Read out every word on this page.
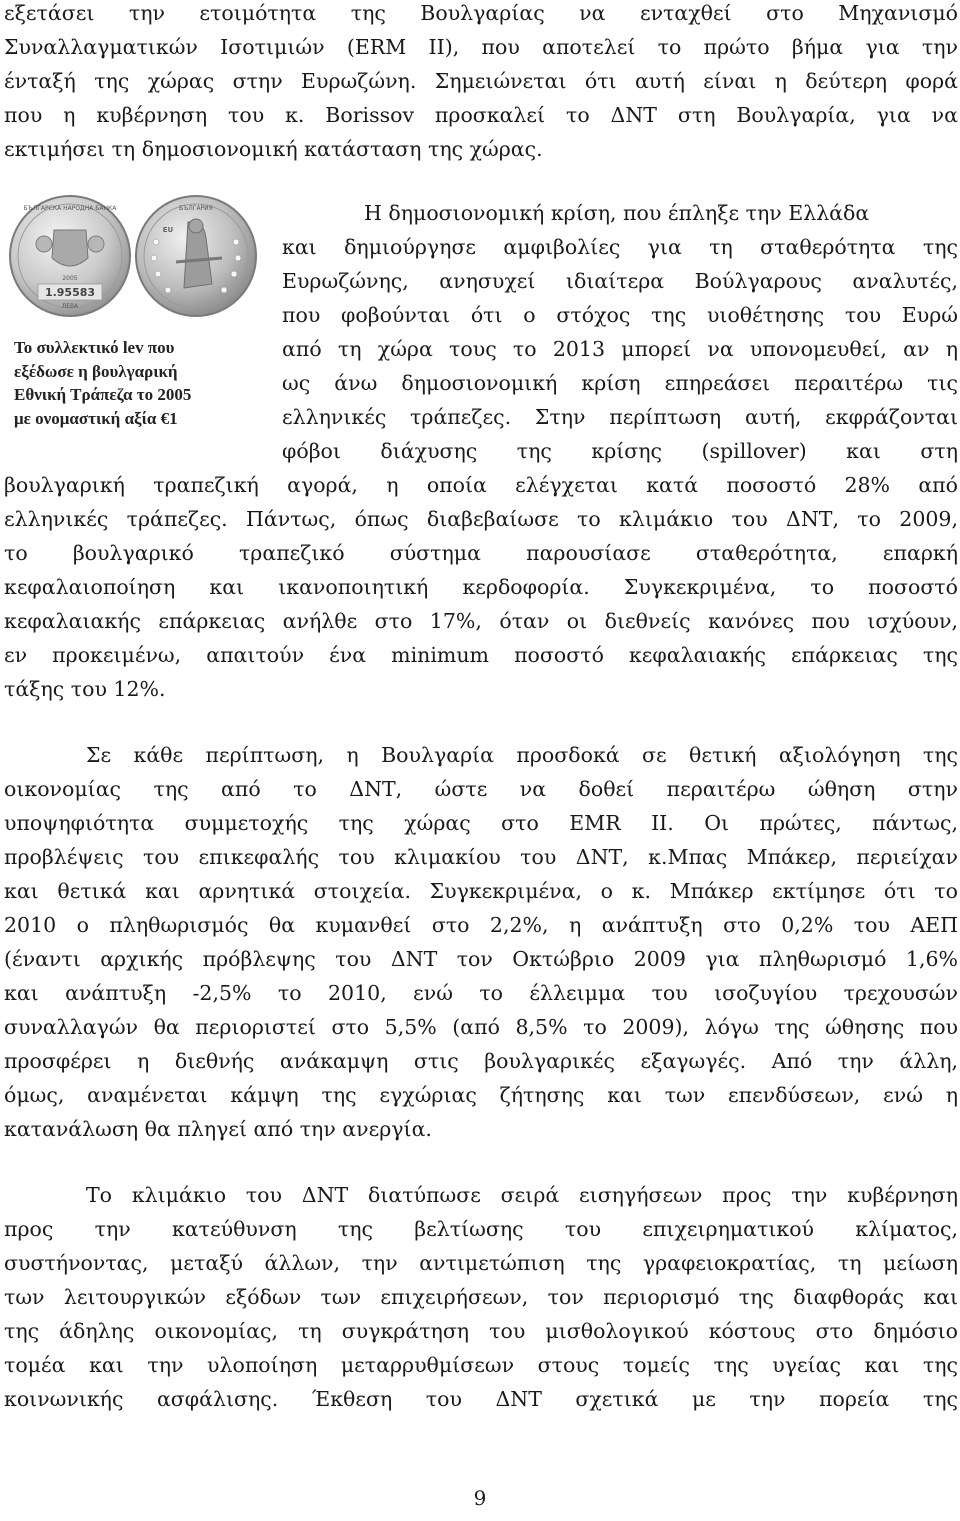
εξετάσει την ετοιμότητα της Βουλγαρίας να ενταχθεί στο Μηχανισμό
Συναλλαγματικών Ισοτιμιών (ERM II), που αποτελεί το πρώτο βήμα για την
ένταξή της χώρας στην Ευρωζώνη. Σημειώνεται ότι αυτή είναι η δεύτερη φορά
που η κυβέρνηση του κ. Borissov προσκαλεί το ΔΝΤ στη Βουλγαρία, για να
εκτιμήσει τη δημοσιονομική κατάσταση της χώρας.
2005
1.95583
ЛЕВА
БЪЛГАРСКА НАРОДНА БАНКА	БЪЛГАРИЯ
EU
Το συλλεκτικό lev που
εξέδωσε η βουλγαρική
Εθνική Τράπεζα το 2005
με ονομαστική αξία €1
Η δημοσιονομική κρίση, που έπληξε την Ελλάδα
και δημιούργησε αμφιβολίες για τη σταθερότητα της
Ευρωζώνης, ανησυχεί ιδιαίτερα Βούλγαρους αναλυτές,
που φοβούνται ότι ο στόχος της υιοθέτησης του Ευρώ
από τη χώρα τους το 2013 μπορεί να υπονομευθεί, αν η
ως άνω δημοσιονομική κρίση επηρεάσει περαιτέρω τις
ελληνικές τράπεζες. Στην περίπτωση αυτή, εκφράζονται
φόβοι διάχυσης της κρίσης (spillover) και στη
βουλγαρική τραπεζική αγορά, η οποία ελέγχεται κατά ποσοστό 28% από
ελληνικές τράπεζες. Πάντως, όπως διαβεβαίωσε το κλιμάκιο του ΔΝΤ, το 2009,
το βουλγαρικό τραπεζικό σύστημα παρουσίασε σταθερότητα, επαρκή
κεφαλαιοποίηση και ικανοποιητική κερδοφορία. Συγκεκριμένα, το ποσοστό
κεφαλαιακής επάρκειας ανήλθε στο 17%, όταν οι διεθνείς κανόνες που ισχύουν,
εν προκειμένω, απαιτούν ένα minimum ποσοστό κεφαλαιακής επάρκειας της
τάξης του 12%.
Σε κάθε περίπτωση, η Βουλγαρία προσδοκά σε θετική αξιολόγηση της
οικονομίας της από το ΔΝΤ, ώστε να δοθεί περαιτέρω ώθηση στην
υποψηφιότητα συμμετοχής της χώρας στο EMR II. Οι πρώτες, πάντως,
προβλέψεις του επικεφαλής του κλιμακίου του ΔΝΤ, κ.Μπας Μπάκερ, περιείχαν
και θετικά και αρνητικά στοιχεία. Συγκεκριμένα, ο κ. Μπάκερ εκτίμησε ότι το
2010 ο πληθωρισμός θα κυμανθεί στο 2,2%, η ανάπτυξη στο 0,2% του ΑΕΠ
(έναντι αρχικής πρόβλεψης του ΔΝΤ τον Οκτώβριο 2009 για πληθωρισμό 1,6%
και ανάπτυξη -2,5% το 2010, ενώ το έλλειμμα του ισοζυγίου τρεχουσών
συναλλαγών θα περιοριστεί στο 5,5% (από 8,5% το 2009), λόγω της ώθησης που
προσφέρει η διεθνής ανάκαμψη στις βουλγαρικές εξαγωγές. Από την άλλη,
όμως, αναμένεται κάμψη της εγχώριας ζήτησης και των επενδύσεων, ενώ η
κατανάλωση θα πληγεί από την ανεργία.
Το κλιμάκιο του ΔΝΤ διατύπωσε σειρά εισηγήσεων προς την κυβέρνηση
προς την κατεύθυνση της βελτίωσης του επιχειρηματικού κλίματος,
συστήνοντας, μεταξύ άλλων, την αντιμετώπιση της γραφειοκρατίας, τη μείωση
των λειτουργικών εξόδων των επιχειρήσεων, τον περιορισμό της διαφθοράς και
της άδηλης οικονομίας, τη συγκράτηση του μισθολογικού κόστους στο δημόσιο
τομέα και την υλοποίηση μεταρρυθμίσεων στους τομείς της υγείας και της
κοινωνικής ασφάλισης. Έκθεση του ΔΝΤ σχετικά με την πορεία της
9
